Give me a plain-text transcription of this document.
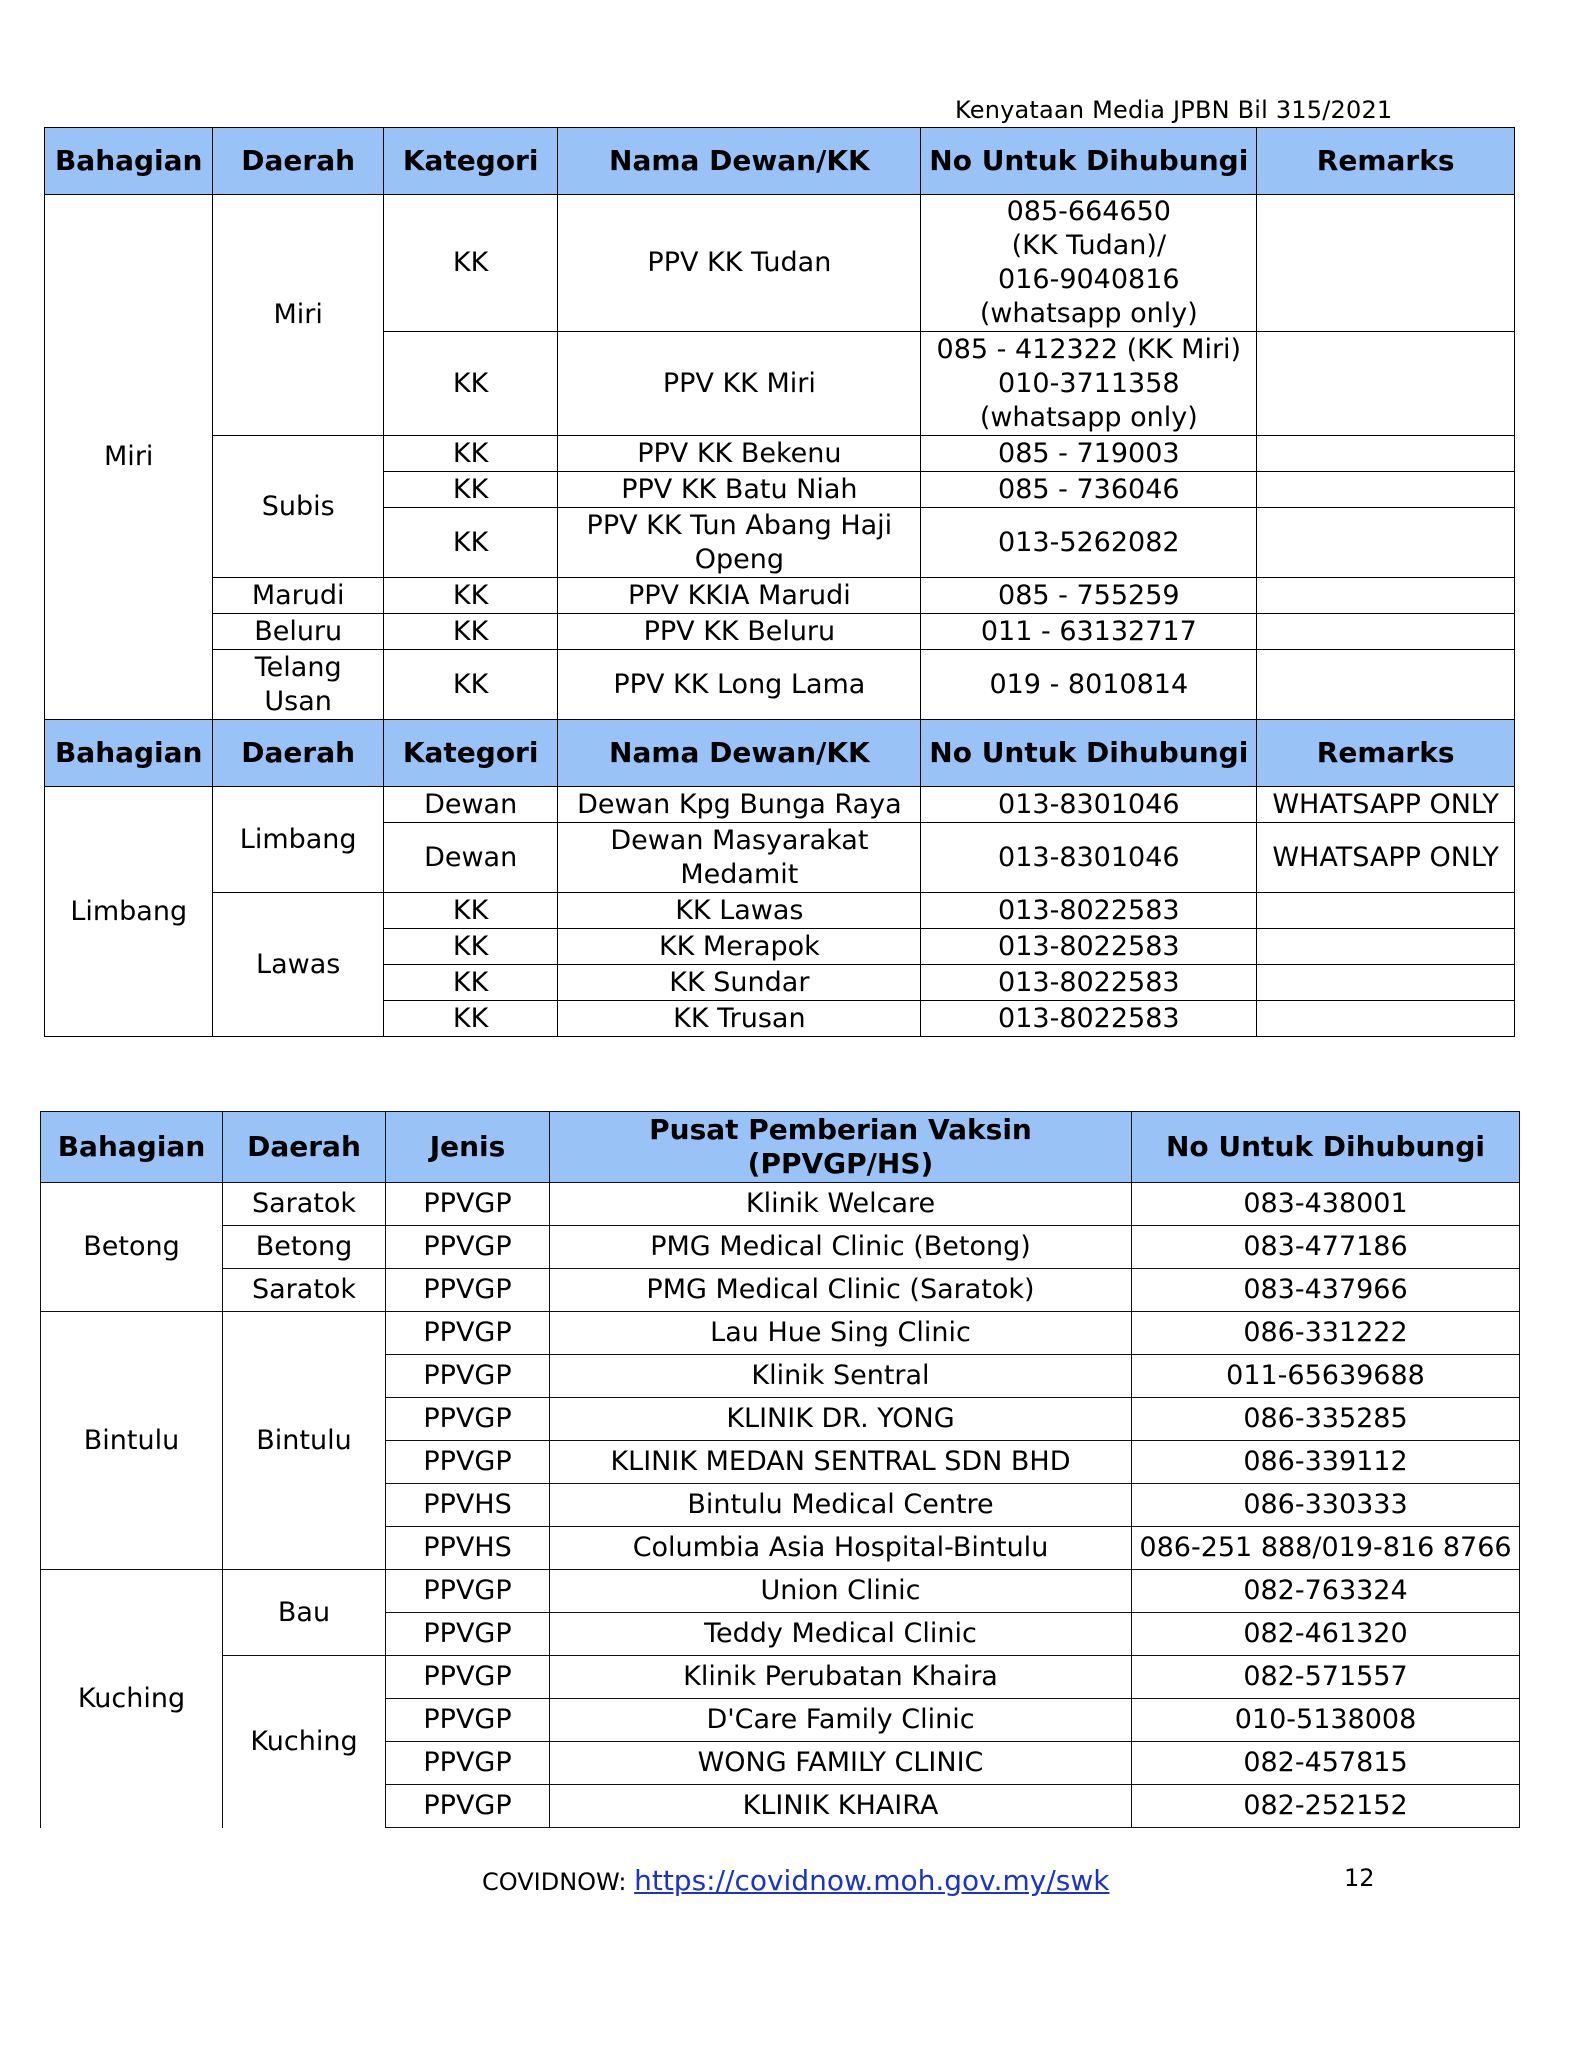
Kenyataan Media JPBN Bil 315/2021
Bahagian	Daerah	Kategori	Nama Dewan/KK	No Untuk Dihubungi	Remarks
Miri	Miri	KK	PPV KK Tudan	085-664650
(KK Tudan)/
016-9040816
(whatsapp only)	

		KK	PPV KK Miri	085 - 412322 (KK Miri)
010-3711358
(whatsapp only)	

	Subis	KK	PPV KK Bekenu	085 - 719003	
		KK	PPV KK Batu Niah	085 - 736046	
		KK	PPV KK Tun Abang Haji Openg	013-5262082	
	Marudi	KK	PPV KKIA Marudi	085 - 755259	
	Beluru	KK	PPV KK Beluru	011 - 63132717	
	Telang Usan	KK	PPV KK Long Lama	019 - 8010814	
Bahagian	Daerah	Kategori	Nama Dewan/KK	No Untuk Dihubungi	Remarks
Limbang	Limbang	Dewan	Dewan Kpg Bunga Raya	013-8301046	WHATSAPP ONLY
		Dewan	Dewan Masyarakat Medamit	013-8301046	WHATSAPP ONLY
	Lawas	KK	KK Lawas	013-8022583	
		KK	KK Merapok	013-8022583	
		KK	KK Sundar	013-8022583	
		KK	KK Trusan	013-8022583	
Bahagian	Daerah	Jenis	Pusat Pemberian Vaksin (PPVGP/HS)	No Untuk Dihubungi
Betong	Saratok	PPVGP	Klinik Welcare	083-438001
	Betong	PPVGP	PMG Medical Clinic (Betong)	083-477186
	Saratok	PPVGP	PMG Medical Clinic (Saratok)	083-437966
Bintulu	Bintulu	PPVGP	Lau Hue Sing Clinic	086-331222
		PPVGP	Klinik Sentral	011-65639688
		PPVGP	KLINIK DR. YONG	086-335285
		PPVGP	KLINIK MEDAN SENTRAL SDN BHD	086-339112
		PPVHS	Bintulu Medical Centre	086-330333
		PPVHS	Columbia Asia Hospital-Bintulu	086-251 888/019-816 8766
Kuching	Bau	PPVGP	Union Clinic	082-763324
		PPVGP	Teddy Medical Clinic	082-461320
	Kuching	PPVGP	Klinik Perubatan Khaira	082-571557
		PPVGP	D'Care Family Clinic	010-5138008
		PPVGP	WONG FAMILY CLINIC	082-457815
		PPVGP	KLINIK KHAIRA	082-252152
COVIDNOW: https://covidnow.moh.gov.my/swk	12
